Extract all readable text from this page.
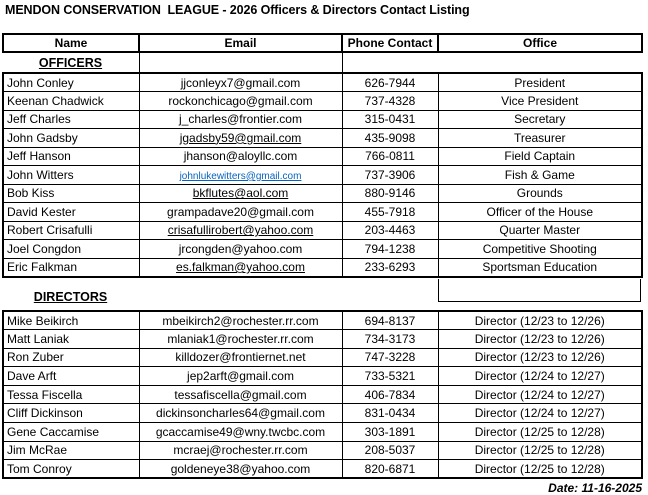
MENDON CONSERVATION  LEAGUE - 2026 Officers & Directors Contact Listing
Name	Email	Phone Contact	Office
OFFICERS
John Conley	jjconleyx7@gmail.com	626-7944	President
Keenan Chadwick	rockonchicago@gmail.com	737-4328	Vice President
Jeff Charles	j_charles@frontier.com	315-0431	Secretary
John Gadsby	jgadsby59@gmail.com	435-9098	Treasurer
Jeff Hanson	jhanson@aloyllc.com	766-0811	Field Captain
John Witters	johnlukewitters@gmail.com	737-3906	Fish & Game
Bob Kiss	bkflutes@aol.com	880-9146	Grounds
David Kester	grampadave20@gmail.com	455-7918	Officer of the House
Robert Crisafulli	crisafullirobert@yahoo.com	203-4463	Quarter Master
Joel Congdon	jrcongden@yahoo.com	794-1238	Competitive Shooting
Eric Falkman	es.falkman@yahoo.com	233-6293	Sportsman Education
DIRECTORS
Mike Beikirch	mbeikirch2@rochester.rr.com	694-8137	Director (12/23 to 12/26)
Matt Laniak	mlaniak1@rochester.rr.com	734-3173	Director (12/23 to 12/26)
Ron Zuber	killdozer@frontiernet.net	747-3228	Director (12/23 to 12/26)
Dave Arft	jep2arft@gmail.com	733-5321	Director (12/24 to 12/27)
Tessa Fiscella	tessafiscella@gmail.com	406-7834	Director (12/24 to 12/27)
Cliff Dickinson	dickinsoncharles64@gmail.com	831-0434	Director (12/24 to 12/27)
Gene Caccamise	gcaccamise49@wny.twcbc.com	303-1891	Director (12/25 to 12/28)
Jim McRae	mcraej@rochester.rr.com	208-5037	Director (12/25 to 12/28)
Tom Conroy	goldeneye38@yahoo.com	820-6871	Director (12/25 to 12/28)
Date: 11-16-2025
